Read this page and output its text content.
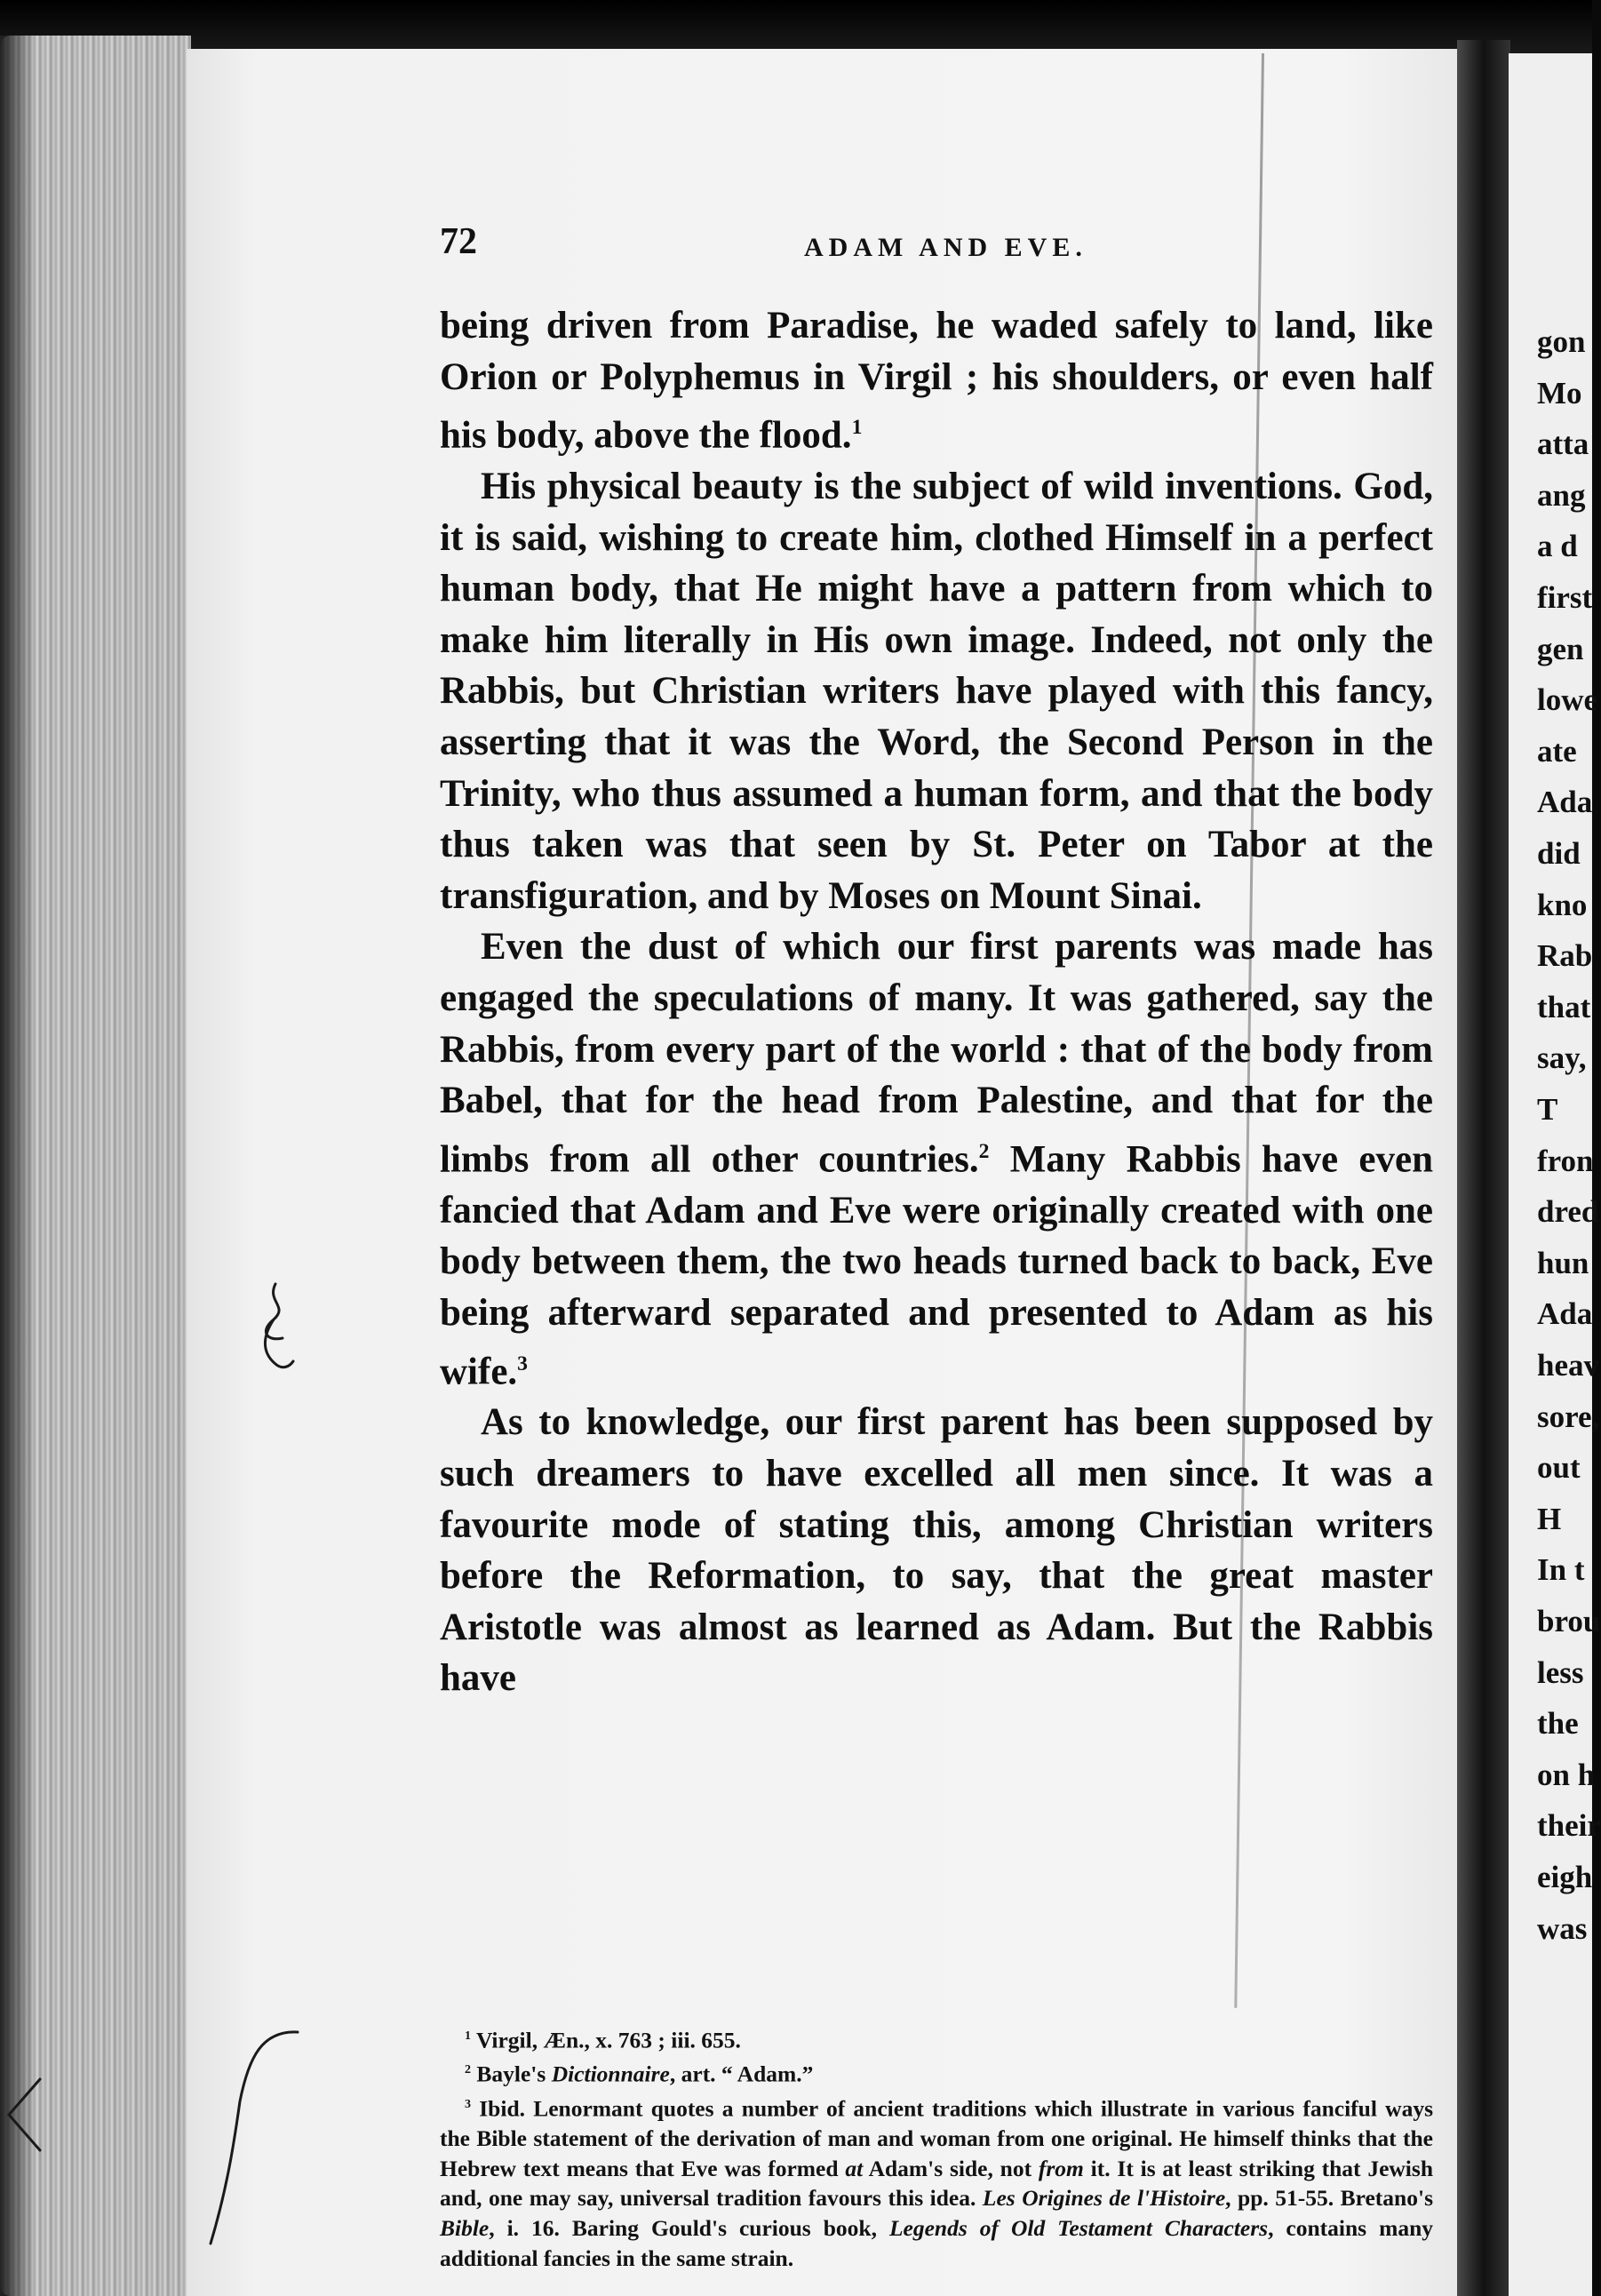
gon
Mo
atta
ang
a d
first
gen
lowe
ate
Ada
did
kno
Rab
that
say,
T
fron
dred
hun
Ada
heav
sore,
out
H
In t
brou
less
the
on h
their
eigh
was
72	ADAM AND EVE.

being driven from Paradise, he waded safely to land, like Orion or Polyphemus in Virgil ; his shoulders, or even half his body, above the flood.$^1$

His physical beauty is the subject of wild inventions. God, it is said, wishing to create him, clothed Himself in a perfect human body, that He might have a pattern from which to make him literally in His own image. Indeed, not only the Rabbis, but Christian writers have played with this fancy, asserting that it was the Word, the Second Person in the Trinity, who thus assumed a human form, and that the body thus taken was that seen by St. Peter on Tabor at the transfiguration, and by Moses on Mount Sinai.

Even the dust of which our first parents was made has engaged the speculations of many. It was gathered, say the Rabbis, from every part of the world : that of the body from Babel, that for the head from Palestine, and that for the limbs from all other countries.$^2$ Many Rabbis have even fancied that Adam and Eve were originally created with one body between them, the two heads turned back to back, Eve being afterward separated and presented to Adam as his wife.$^3$

As to knowledge, our first parent has been supposed by such dreamers to have excelled all men since. It was a favourite mode of stating this, among Christian writers before the Reformation, to say, that the great master Aristotle was almost as learned as Adam. But the Rabbis have

$^1$ Virgil, Æn., x. 763 ; iii. 655.

$^2$ Bayle's Dictionnaire, art. “ Adam.”

$^3$ Ibid. Lenormant quotes a number of ancient traditions which illustrate in various fanciful ways the Bible statement of the derivation of man and woman from one original. He himself thinks that the Hebrew text means that Eve was formed at Adam's side, not from it. It is at least striking that Jewish and, one may say, universal tradition favours this idea. Les Origines de l'Histoire, pp. 51-55. Bretano's Bible, i. 16. Baring Gould's curious book, Legends of Old Testament Characters, contains many additional fancies in the same strain.
